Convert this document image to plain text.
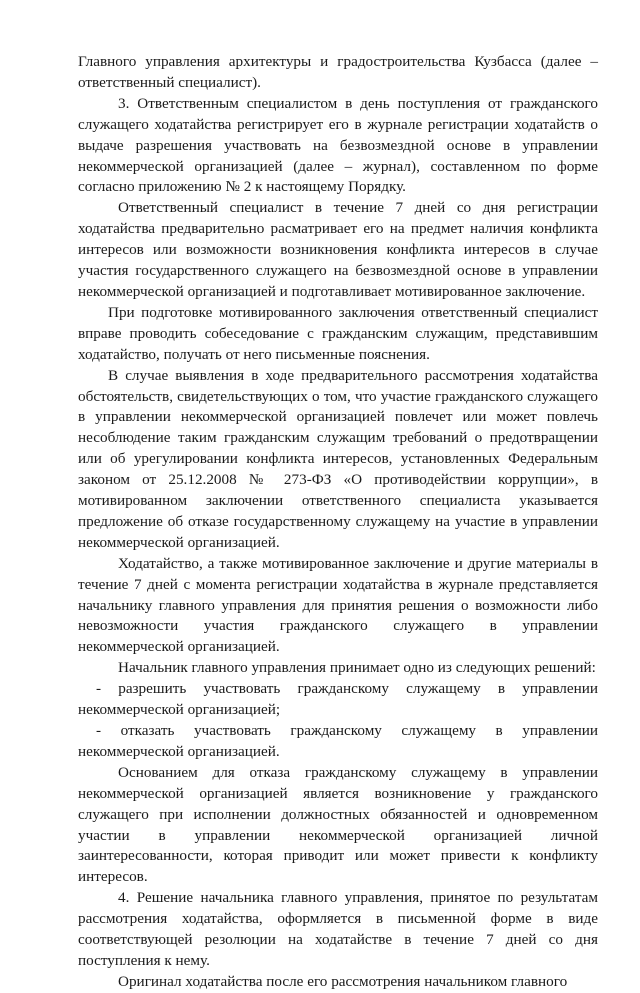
Главного управления архитектуры и градостроительства Кузбасса (далее – ответственный специалист).

3. Ответственным специалистом в день поступления от гражданского служащего ходатайства регистрирует его в журнале регистрации ходатайств о выдаче разрешения участвовать на безвозмездной основе в управлении некоммерческой организацией (далее – журнал), составленном по форме согласно приложению № 2 к настоящему Порядку.

Ответственный специалист в течение 7 дней со дня регистрации ходатайства предварительно расматривает его на предмет наличия конфликта интересов или возможности возникновения конфликта интересов в случае участия государственного служащего на безвозмездной основе в управлении некоммерческой организацией и подготавливает мотивированное заключение.

При подготовке мотивированного заключения ответственный специалист вправе проводить собеседование с гражданским служащим, представившим ходатайство, получать от него письменные пояснения.

В случае выявления в ходе предварительного рассмотрения ходатайства обстоятельств, свидетельствующих о том, что участие гражданского служащего в управлении некоммерческой организацией повлечет или может повлечь несоблюдение таким гражданским служащим требований о предотвращении или об урегулировании конфликта интересов, установленных Федеральным законом от 25.12.2008 № 273-ФЗ «О противодействии коррупции», в мотивированном заключении ответственного специалиста указывается предложение об отказе государственному служащему на участие в управлении некоммерческой организацией.

Ходатайство, а также мотивированное заключение и другие материалы в течение 7 дней с момента регистрации ходатайства в журнале представляется начальнику главного управления для принятия решения о возможности либо невозможности участия гражданского служащего в управлении некоммерческой организацией.

Начальник главного управления принимает одно из следующих решений:

- разрешить участвовать гражданскому служащему в управлении некоммерческой организацией;

- отказать участвовать гражданскому служащему в управлении некоммерческой организацией.

Основанием для отказа гражданскому служащему в управлении некоммерческой организацией является возникновение у гражданского служащего при исполнении должностных обязанностей и одновременном участии в управлении некоммерческой организацией личной заинтересованности, которая приводит или может привести к конфликту интересов.

4. Решение начальника главного управления, принятое по результатам рассмотрения ходатайства, оформляется в письменной форме в виде соответствующей резолюции на ходатайстве в течение 7 дней со дня поступления к нему.

Оригинал ходатайства после его рассмотрения начальником главного
